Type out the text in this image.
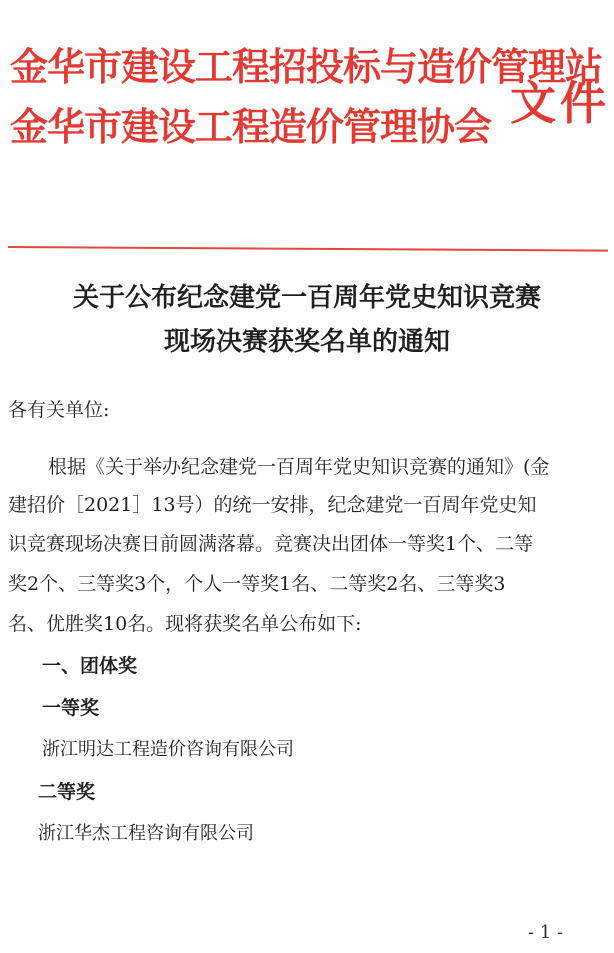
金华市建设工程招投标与造价管理站
金华市建设工程造价管理协会 文件
关于公布纪念建党一百周年党史知识竞赛
现场决赛获奖名单的通知
各有关单位:
根据《关于举办纪念建党一百周年党史知识竞赛的通知》(金
建招价［2021］13号）的统一安排，纪念建党一百周年党史知
识竞赛现场决赛日前圆满落幕。竞赛决出团体一等奖1个、二等
奖2个、三等奖3个，个人一等奖1名、二等奖2名、三等奖3
名、优胜奖10名。现将获奖名单公布如下:
一、团体奖
一等奖
浙江明达工程造价咨询有限公司
二等奖
浙江华杰工程咨询有限公司
- 1 -
